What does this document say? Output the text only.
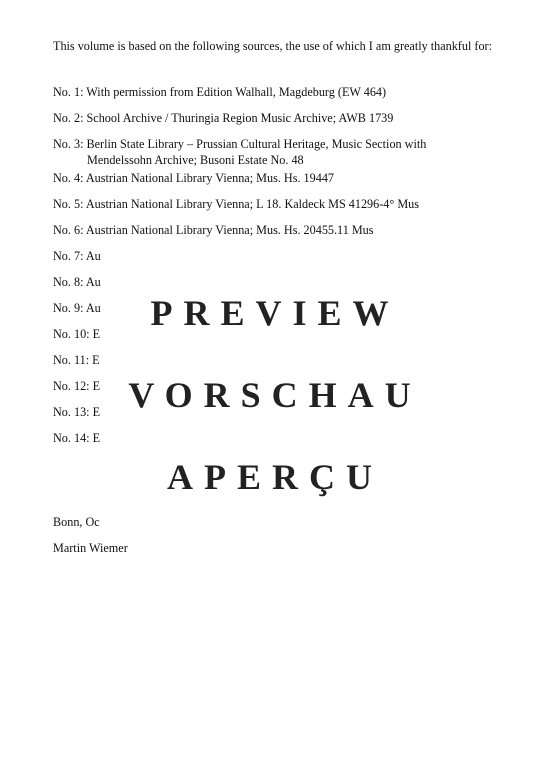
This volume is based on the following sources, the use of which I am greatly thankful for:
No. 1: With permission from Edition Walhall, Magdeburg (EW 464)
No. 2: School Archive / Thuringia Region Music Archive; AWB 1739
No. 3: Berlin State Library – Prussian Cultural Heritage, Music Section with
Mendelssohn Archive; Busoni Estate No. 48
No. 4: Austrian National Library Vienna; Mus. Hs. 19447
No. 5: Austrian National Library Vienna; L 18. Kaldeck MS 41296-4° Mus
No. 6: Austrian National Library Vienna; Mus. Hs. 20455.11 Mus
No. 7: Au
No. 8: Au
No. 9: Au
No. 10: E
No. 11: E
No. 12: E
No. 13: E
No. 14: E
PREVIEW
VORSCHAU
APERÇU
Bonn, Oc
Martin Wiemer
